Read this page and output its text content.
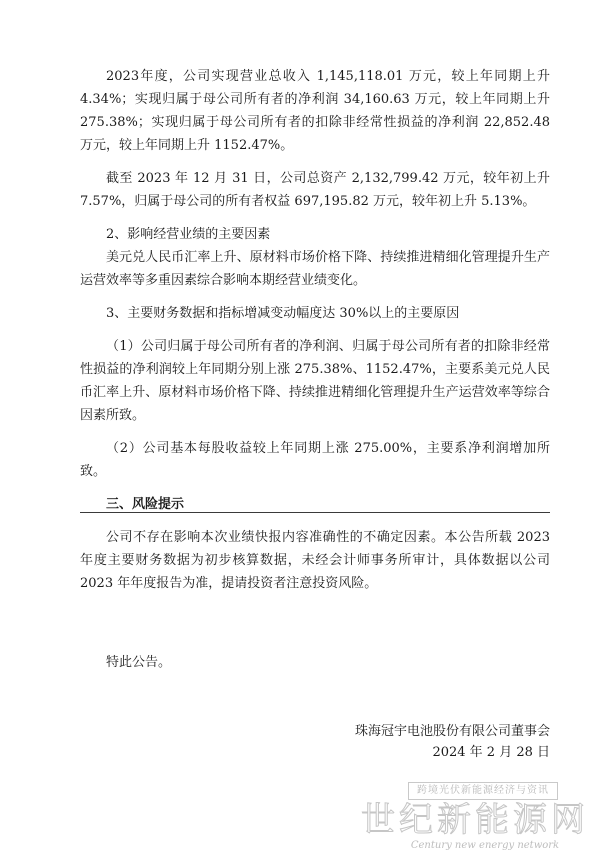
2023年度，公司实现营业总收入 1,145,118.01 万元，较上年同期上升 4.34%；实现归属于母公司所有者的净利润 34,160.63 万元，较上年同期上升 275.38%；实现归属于母公司所有者的扣除非经常性损益的净利润 22,852.48 万元，较上年同期上升 1152.47%。

截至 2023 年 12 月 31 日，公司总资产 2,132,799.42 万元，较年初上升 7.57%，归属于母公司的所有者权益 697,195.82 万元，较年初上升 5.13%。

2、影响经营业绩的主要因素

美元兑人民币汇率上升、原材料市场价格下降、持续推进精细化管理提升生产运营效率等多重因素综合影响本期经营业绩变化。

3、主要财务数据和指标增减变动幅度达 30%以上的主要原因

（1）公司归属于母公司所有者的净利润、归属于母公司所有者的扣除非经常性损益的净利润较上年同期分别上涨 275.38%、1152.47%，主要系美元兑人民币汇率上升、原材料市场价格下降、持续推进精细化管理提升生产运营效率等综合因素所致。

（2）公司基本每股收益较上年同期上涨 275.00%，主要系净利润增加所致。

三、风险提示

公司不存在影响本次业绩快报内容准确性的不确定因素。本公告所载 2023 年度主要财务数据为初步核算数据，未经会计师事务所审计，具体数据以公司 2023 年年度报告为准，提请投资者注意投资风险。

特此公告。
珠海冠宇电池股份有限公司董事会
2024 年 2 月 28 日
跨境光伏新能源经济与资讯
世纪新能源网
Century new energy network
